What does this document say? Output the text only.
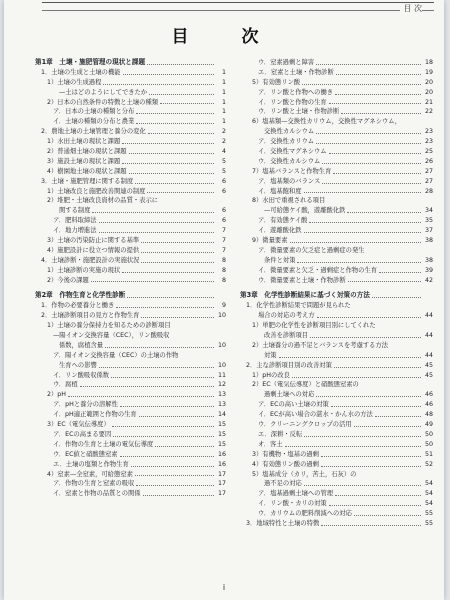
目 次
目　次
第1章　土壌・施肥管理の現状と課題
1．土壌の生成と土壌の機能	1
1）土壌の生成過程	1
—土はどのようにしてできたか	1
2）日本の自然条件の特徴と土壌の種類	1
ア．日本の土壌の種類と分布	1
イ．土壌の種類の分布と農業	1
2．農地土壌の土壌管理と養分の変化	2
1）水田土壌の現状と課題	2
2）普通畑土壌の現状と課題	4
3）施設土壌の現状と課題	5
4）樹園地土壌の現状と課題	5
3．土壌・施肥管理に関する制度	6
1）土壌改良と施肥改善関連の制度	6
2）堆肥・土壌改良資材の品質・表示に
関する制度	6
ア．肥料取締法	6
イ．地力増進法	7
3）土壌の汚染防止に関する基準	7
4）施肥設計に役立つ情報の提供	7
4．土壌診断・施肥設計の実施状況	8
1）土壌診断の実施の現状	8
2）今後の課題	8
第2章　作物生育と化学性診断
1．作物の必要養分と働き	9
2．土壌診断項目の見方と作物生育	10
1）土壌の養分保持力を知るための診断項目
—陽イオン交換容量（CEC），リン酸吸収
係数，腐植含量	10
ア．陽イオン交換容量（CEC）の土壌の作物
生育への影響	10
イ．リン酸吸収係数	11
ウ．腐植	12
2）pH	13
ア．pHと養分の溶解性	13
イ．pH適正範囲と作物の生育	14
3）EC（電気伝導度）	15
ア．ECの高まる要因	15
イ．作物の生育と土壌の電気伝導度	15
ウ．EC値と硝酸態窒素	16
エ．土壌の塩類と作物生育	16
4）窒素—全窒素，可給態窒素	17
ア．作物の生育と窒素の吸収	17
イ．窒素と作物の品質との関係	17
ウ．窒素過剰と障害	18
エ．窒素と土壌・作物診断	19
5）有効態リン酸	20
ア．リン酸と作物への働き	20
イ．リン酸と作物の生育	21
ウ．リン酸と土壌・作物診断	22
6）塩基類—交換性カリウム，交換性マグネシウム，
交換性カルシウム	23
ア．交換性カリウム	23
イ．交換性マグネシウム	25
ウ．交換性カルシウム	26
7）塩基バランスと作物生育	27
ア．塩基類のバランス	27
イ．塩基飽和度	28
8）水田で重視される項目
—可給態ケイ酸，遊離酸化鉄	34
ア．有効態ケイ酸	35
イ．遊離酸化鉄	37
9）微量要素	38
ア．微量要素の欠乏症と過剰症の発生
条件と対策	38
イ．微量要素と欠乏・過剰症と作物の生育	39
ウ．微量要素と土壌・作物診断	42
第3章　化学性診断結果に基づく対策の方法
1．化学性診断結果で問題が見られた
場合の対応の考え方	44
1）単肥の化学性を診断項目別にしてくれた
改善を診断項目	44
2）土壌養分の過不足とバランスを考慮する方法
対策	44
2．主な診断項目別の改善対策	45
1）pHの改良	45
2）EC（電気伝導度）と硝酸態窒素の
過剰土壌への対応	46
ア．ECの高い土壌の対策	46
イ．ECが高い場合の湛水・かん水の方法	48
ウ．クリーニングクロップの活用	49
エ．深耕・反転	50
オ．客土	50
3）有機物・塩基の過剰	51
4）有効態リン酸の過剰	52
5）塩基成分（カリ，苦土，石灰）の
過不足の対応	54
ア．塩基過剰土壌への管理	54
イ．リン酸・カリの対策	54
ウ．カリウムの肥料削減への対応	55
3．地域特性と土壌の特徴	55
i
